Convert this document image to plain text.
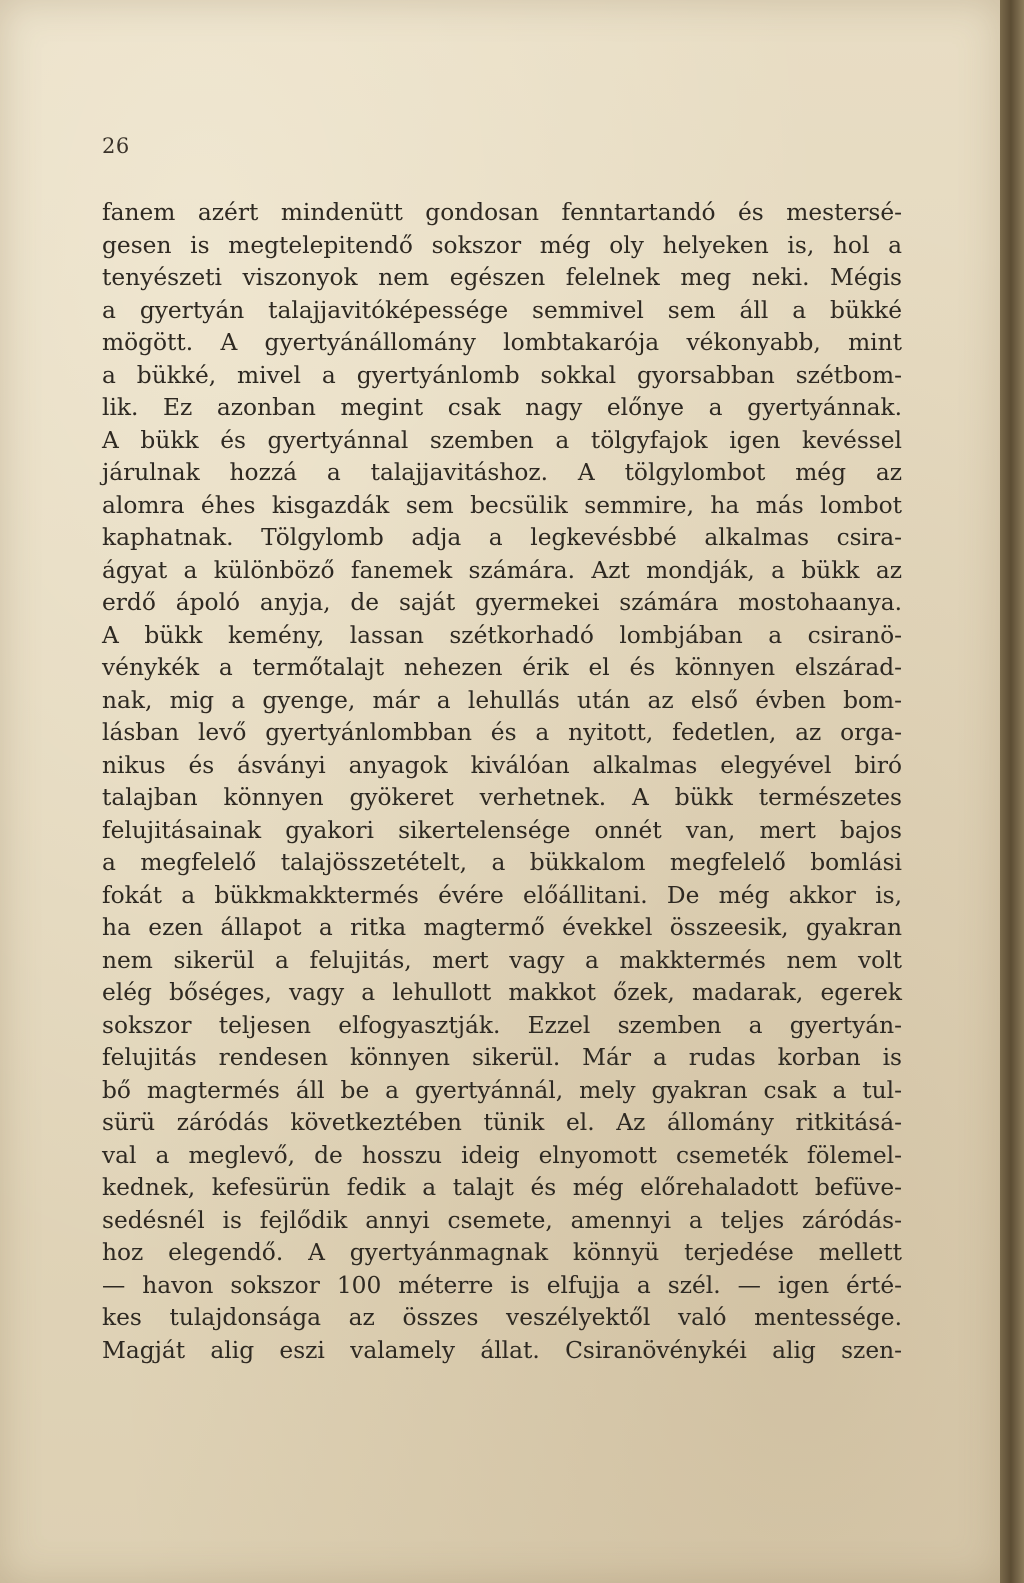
26
fanem azért mindenütt gondosan fenntartandó és mestersé-
gesen is megtelepitendő sokszor még oly helyeken is, hol a
tenyészeti viszonyok nem egészen felelnek meg neki. Mégis
a gyertyán talajjavitóképessége semmivel sem áll a bükké
mögött. A gyertyánállomány lombtakarója vékonyabb, mint
a bükké, mivel a gyertyánlomb sokkal gyorsabban szétbom-
lik. Ez azonban megint csak nagy előnye a gyertyánnak.
A bükk és gyertyánnal szemben a tölgyfajok igen kevéssel
járulnak hozzá a talajjavitáshoz. A tölgylombot még az
alomra éhes kisgazdák sem becsülik semmire, ha más lombot
kaphatnak. Tölgylomb adja a legkevésbbé alkalmas csira-
ágyat a különböző fanemek számára. Azt mondják, a bükk az
erdő ápoló anyja, de saját gyermekei számára mostohaanya.
A bükk kemény, lassan szétkorhadó lombjában a csiranö-
vénykék a termőtalajt nehezen érik el és könnyen elszárad-
nak, mig a gyenge, már a lehullás után az első évben bom-
lásban levő gyertyánlombban és a nyitott, fedetlen, az orga-
nikus és ásványi anyagok kiválóan alkalmas elegyével biró
talajban könnyen gyökeret verhetnek. A bükk természetes
felujitásainak gyakori sikertelensége onnét van, mert bajos
a megfelelő talajösszetételt, a bükkalom megfelelő bomlási
fokát a bükkmakktermés évére előállitani. De még akkor is,
ha ezen állapot a ritka magtermő évekkel összeesik, gyakran
nem sikerül a felujitás, mert vagy a makktermés nem volt
elég bőséges, vagy a lehullott makkot őzek, madarak, egerek
sokszor teljesen elfogyasztják. Ezzel szemben a gyertyán-
felujitás rendesen könnyen sikerül. Már a rudas korban is
bő magtermés áll be a gyertyánnál, mely gyakran csak a tul-
sürü záródás következtében tünik el. Az állomány ritkitásá-
val a meglevő, de hosszu ideig elnyomott csemeték fölemel-
kednek, kefesürün fedik a talajt és még előrehaladott befüve-
sedésnél is fejlődik annyi csemete, amennyi a teljes záródás-
hoz elegendő. A gyertyánmagnak könnyü terjedése mellett
— havon sokszor 100 méterre is elfujja a szél. — igen érté-
kes tulajdonsága az összes veszélyektől való mentessége.
Magját alig eszi valamely állat. Csiranövénykéi alig szen-
